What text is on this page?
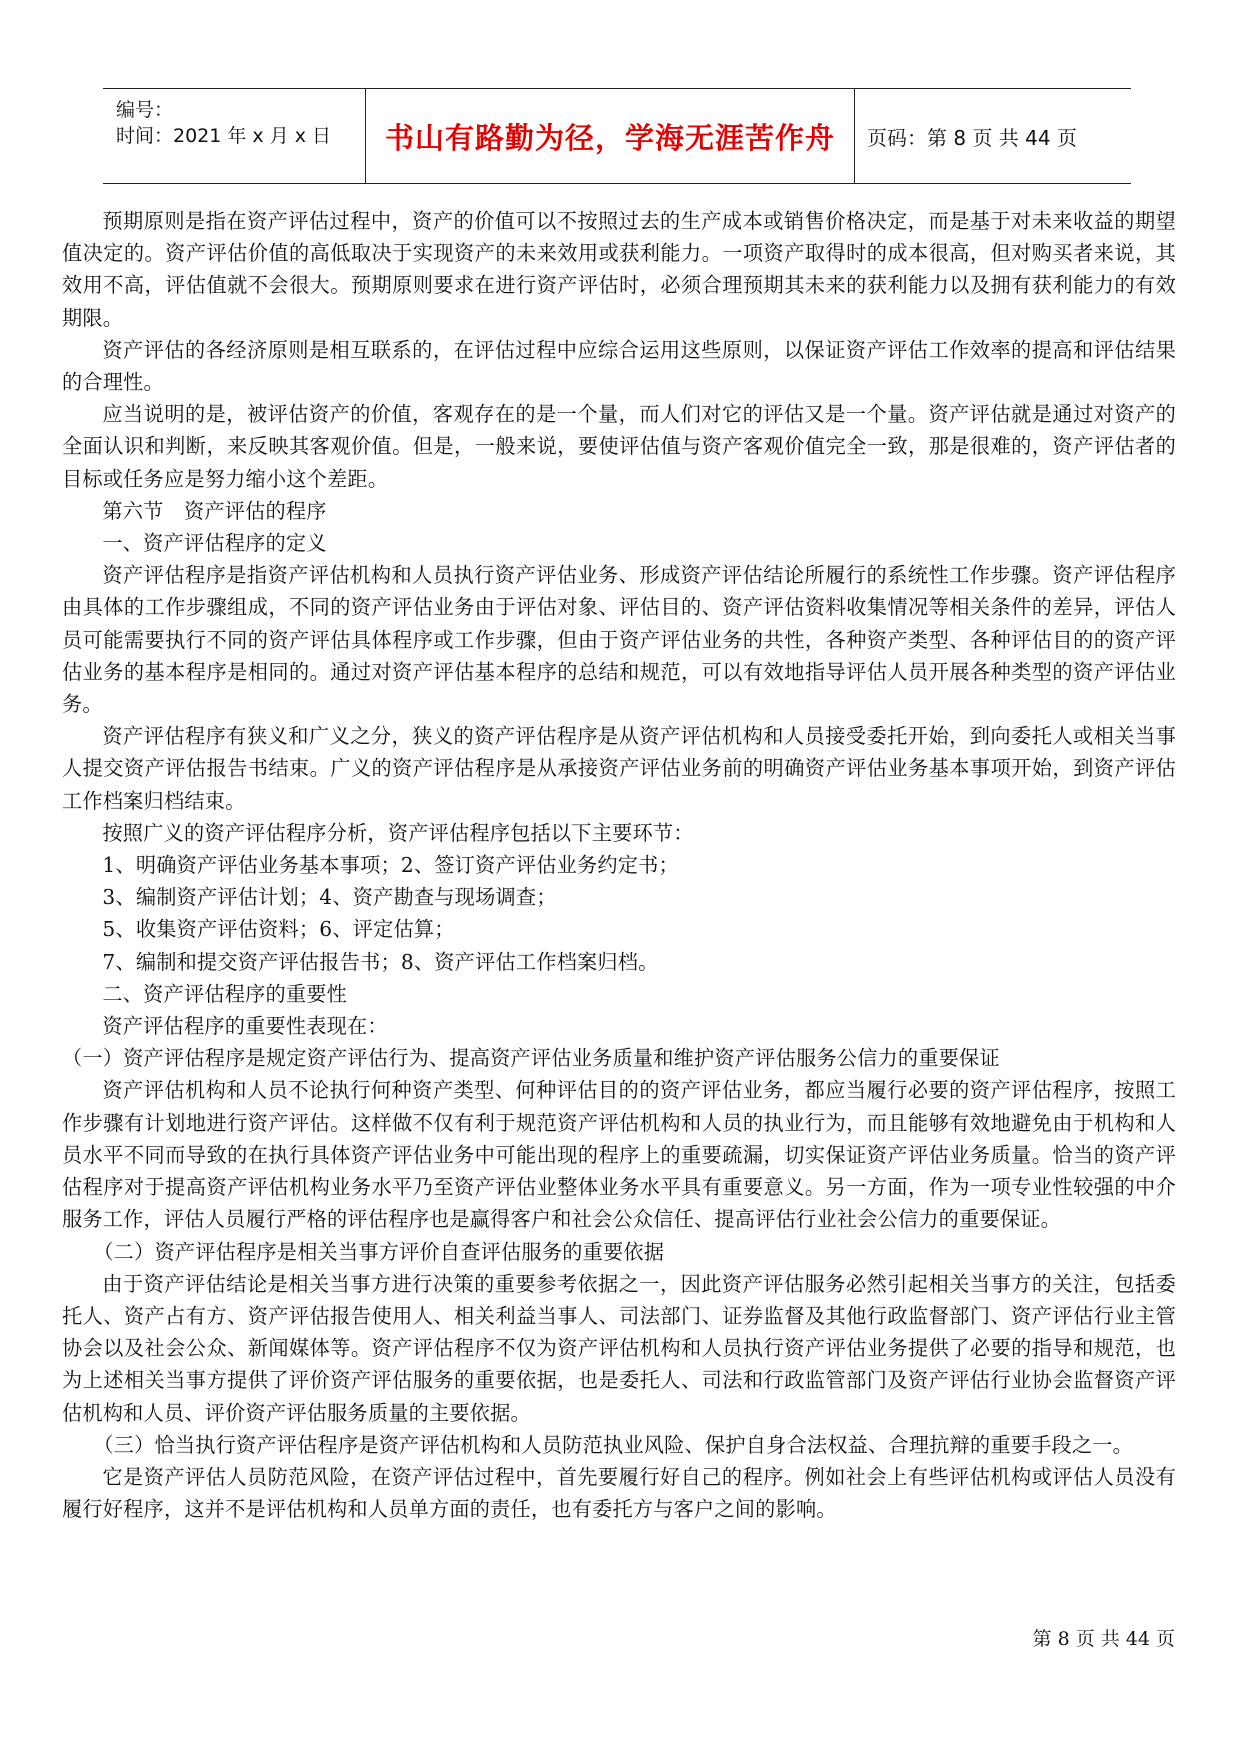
编号：
时间：2021 年 x 月 x 日 书山有路勤为径，学海无涯苦作舟 页码：第 8 页 共 44 页

预期原则是指在资产评估过程中，资产的价值可以不按照过去的生产成本或销售价格决定，而是基于对未来收益的期望值决定的。资产评估价值的高低取决于实现资产的未来效用或获利能力。一项资产取得时的成本很高，但对购买者来说，其效用不高，评估值就不会很大。预期原则要求在进行资产评估时，必须合理预期其未来的获利能力以及拥有获利能力的有效期限。

资产评估的各经济原则是相互联系的，在评估过程中应综合运用这些原则，以保证资产评估工作效率的提高和评估结果的合理性。

应当说明的是，被评估资产的价值，客观存在的是一个量，而人们对它的评估又是一个量。资产评估就是通过对资产的全面认识和判断，来反映其客观价值。但是，一般来说，要使评估值与资产客观价值完全一致，那是很难的，资产评估者的目标或任务应是努力缩小这个差距。

第六节　资产评估的程序

一、资产评估程序的定义

资产评估程序是指资产评估机构和人员执行资产评估业务、形成资产评估结论所履行的系统性工作步骤。资产评估程序由具体的工作步骤组成，不同的资产评估业务由于评估对象、评估目的、资产评估资料收集情况等相关条件的差异，评估人员可能需要执行不同的资产评估具体程序或工作步骤，但由于资产评估业务的共性，各种资产类型、各种评估目的的资产评估业务的基本程序是相同的。通过对资产评估基本程序的总结和规范，可以有效地指导评估人员开展各种类型的资产评估业务。

资产评估程序有狭义和广义之分，狭义的资产评估程序是从资产评估机构和人员接受委托开始，到向委托人或相关当事人提交资产评估报告书结束。广义的资产评估程序是从承接资产评估业务前的明确资产评估业务基本事项开始，到资产评估工作档案归档结束。

按照广义的资产评估程序分析，资产评估程序包括以下主要环节：

1、明确资产评估业务基本事项；2、签订资产评估业务约定书；

3、编制资产评估计划；4、资产勘查与现场调查；

5、收集资产评估资料；6、评定估算；

7、编制和提交资产评估报告书；8、资产评估工作档案归档。

二、资产评估程序的重要性

资产评估程序的重要性表现在：

（一）资产评估程序是规定资产评估行为、提高资产评估业务质量和维护资产评估服务公信力的重要保证

资产评估机构和人员不论执行何种资产类型、何种评估目的的资产评估业务，都应当履行必要的资产评估程序，按照工作步骤有计划地进行资产评估。这样做不仅有利于规范资产评估机构和人员的执业行为，而且能够有效地避免由于机构和人员水平不同而导致的在执行具体资产评估业务中可能出现的程序上的重要疏漏，切实保证资产评估业务质量。恰当的资产评估程序对于提高资产评估机构业务水平乃至资产评估业整体业务水平具有重要意义。另一方面，作为一项专业性较强的中介服务工作，评估人员履行严格的评估程序也是赢得客户和社会公众信任、提高评估行业社会公信力的重要保证。

（二）资产评估程序是相关当事方评价自查评估服务的重要依据

由于资产评估结论是相关当事方进行决策的重要参考依据之一，因此资产评估服务必然引起相关当事方的关注，包括委托人、资产占有方、资产评估报告使用人、相关利益当事人、司法部门、证券监督及其他行政监督部门、资产评估行业主管协会以及社会公众、新闻媒体等。资产评估程序不仅为资产评估机构和人员执行资产评估业务提供了必要的指导和规范，也为上述相关当事方提供了评价资产评估服务的重要依据，也是委托人、司法和行政监管部门及资产评估行业协会监督资产评估机构和人员、评价资产评估服务质量的主要依据。

（三）恰当执行资产评估程序是资产评估机构和人员防范执业风险、保护自身合法权益、合理抗辩的重要手段之一。

它是资产评估人员防范风险，在资产评估过程中，首先要履行好自己的程序。例如社会上有些评估机构或评估人员没有履行好程序，这并不是评估机构和人员单方面的责任，也有委托方与客户之间的影响。

第 8 页 共 44 页
